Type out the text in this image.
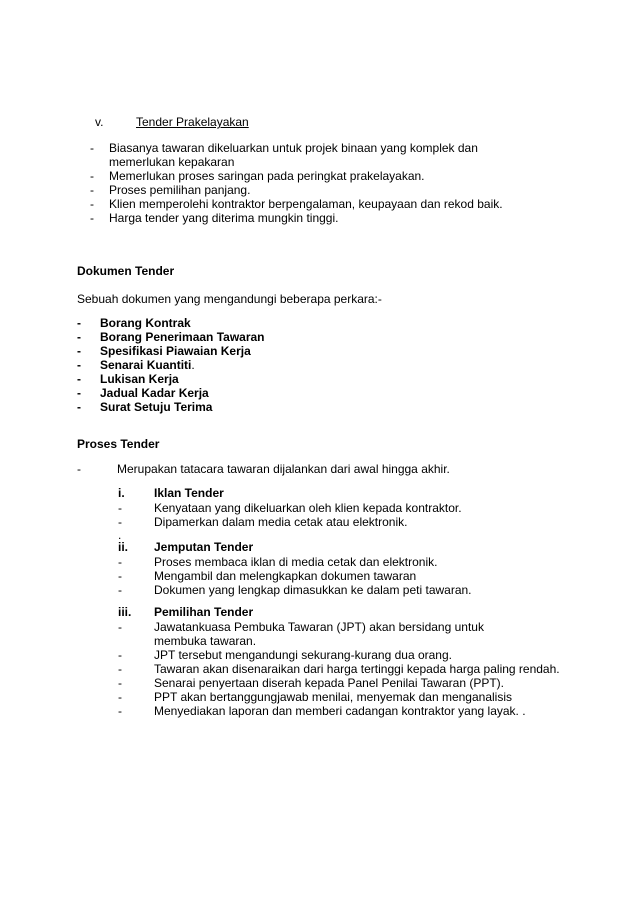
v.	Tender Prakelayakan
- Biasanya tawaran dikeluarkan untuk projek binaan yang komplek dan memerlukan kepakaran
- Memerlukan proses saringan pada peringkat prakelayakan.
- Proses pemilihan panjang.
- Klien memperolehi kontraktor berpengalaman, keupayaan dan rekod baik.
- Harga tender yang diterima mungkin tinggi.
Dokumen Tender
Sebuah dokumen yang mengandungi beberapa perkara:-
- Borang Kontrak
- Borang Penerimaan Tawaran
- Spesifikasi Piawaian Kerja
- Senarai Kuantiti.
- Lukisan Kerja
- Jadual Kadar Kerja
- Surat Setuju Terima
Proses Tender
-	Merupakan tatacara tawaran dijalankan dari awal hingga akhir.
i. Iklan Tender
-	Kenyataan yang dikeluarkan oleh klien kepada kontraktor.
-	Dipamerkan dalam media cetak atau elektronik.
.
ii. Jemputan Tender
-	Proses membaca iklan di media cetak dan elektronik.
-	Mengambil dan melengkapkan dokumen tawaran
-	Dokumen yang lengkap dimasukkan ke dalam peti tawaran.
iii. Pemilihan Tender
-	Jawatankuasa Pembuka Tawaran (JPT) akan bersidang untuk membuka tawaran.
-	JPT tersebut mengandungi sekurang-kurang dua orang.
-	Tawaran akan disenaraikan dari harga tertinggi kepada harga paling rendah.
-	Senarai penyertaan diserah kepada Panel Penilai Tawaran (PPT).
-	PPT akan bertanggungjawab menilai, menyemak dan menganalisis
-	Menyediakan laporan dan memberi cadangan kontraktor yang layak. .
